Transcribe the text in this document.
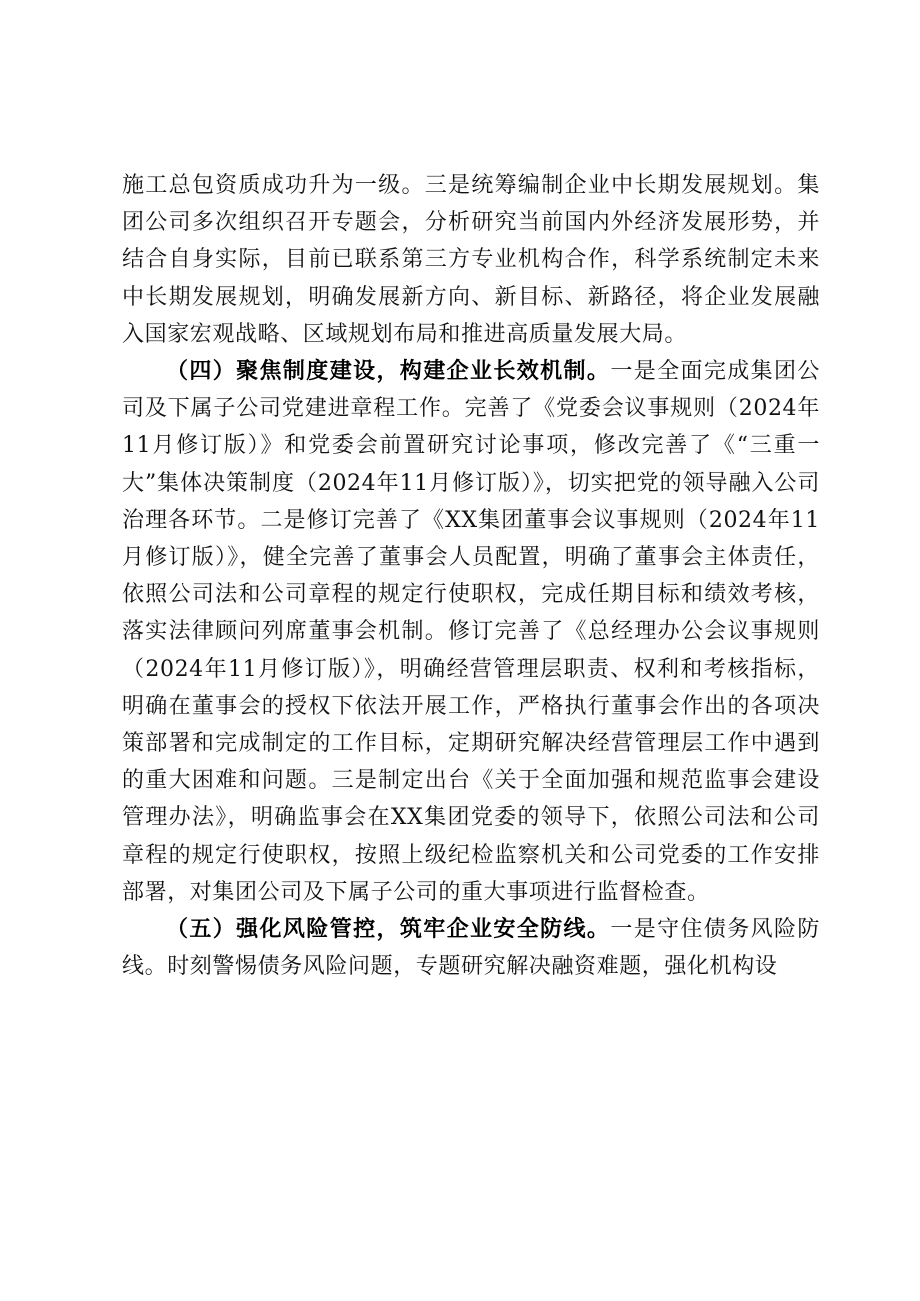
施工总包资质成功升为一级。三是统筹编制企业中长期发展规划。集团公司多次组织召开专题会，分析研究当前国内外经济发展形势，并结合自身实际，目前已联系第三方专业机构合作，科学系统制定未来中长期发展规划，明确发展新方向、新目标、新路径，将企业发展融入国家宏观战略、区域规划布局和推进高质量发展大局。

（四）聚焦制度建设，构建企业长效机制。一是全面完成集团公司及下属子公司党建进章程工作。完善了《党委会议事规则（2024年11月修订版）》和党委会前置研究讨论事项，修改完善了《“三重一大”集体决策制度（2024年11月修订版）》，切实把党的领导融入公司治理各环节。二是修订完善了《XX集团董事会议事规则（2024年11月修订版）》，健全完善了董事会人员配置，明确了董事会主体责任，依照公司法和公司章程的规定行使职权，完成任期目标和绩效考核，落实法律顾问列席董事会机制。修订完善了《总经理办公会议事规则（2024年11月修订版）》，明确经营管理层职责、权利和考核指标，明确在董事会的授权下依法开展工作，严格执行董事会作出的各项决策部署和完成制定的工作目标，定期研究解决经营管理层工作中遇到的重大困难和问题。三是制定出台《关于全面加强和规范监事会建设管理办法》，明确监事会在XX集团党委的领导下，依照公司法和公司章程的规定行使职权，按照上级纪检监察机关和公司党委的工作安排部署，对集团公司及下属子公司的重大事项进行监督检查。

（五）强化风险管控，筑牢企业安全防线。一是守住债务风险防线。时刻警惕债务风险问题，专题研究解决融资难题，强化机构设
